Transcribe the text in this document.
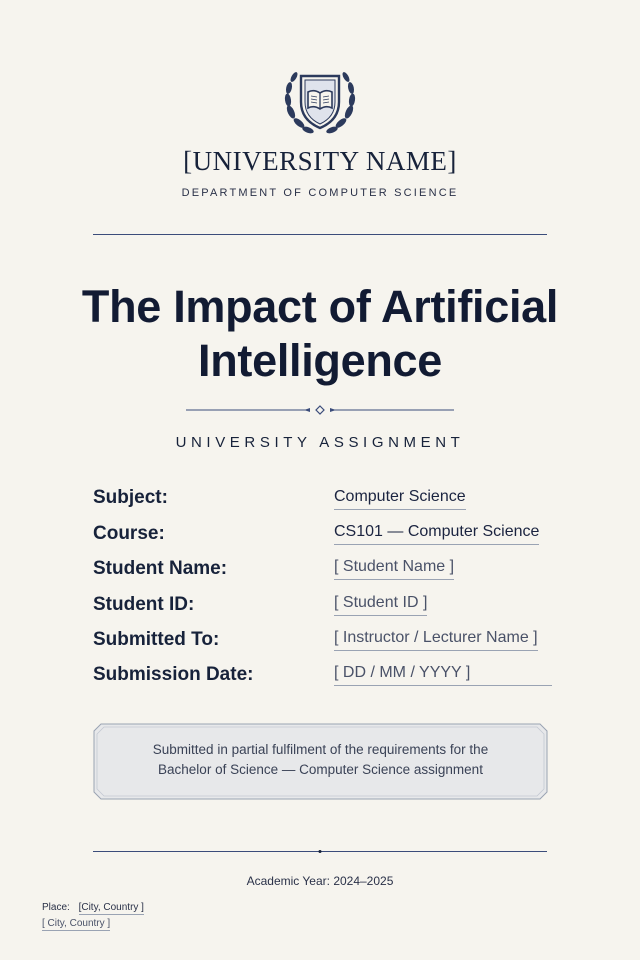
[UNIVERSITY NAME]
DEPARTMENT OF COMPUTER SCIENCE
The Impact of Artificial Intelligence
UNIVERSITY ASSIGNMENT
Subject:	Computer Science
Course:	CS101 — Computer Science
Student Name:	[ Student Name ]
Student ID:	[ Student ID ]
Submitted To:	[ Instructor / Lecturer Name ]
Submission Date:	[ DD / MM / YYYY ]
Submitted in partial fulfilment of the requirements for the
Bachelor of Science — Computer Science assignment
Academic Year: 2024–2025
Place: [City, Country ]
[ City, Country ]
